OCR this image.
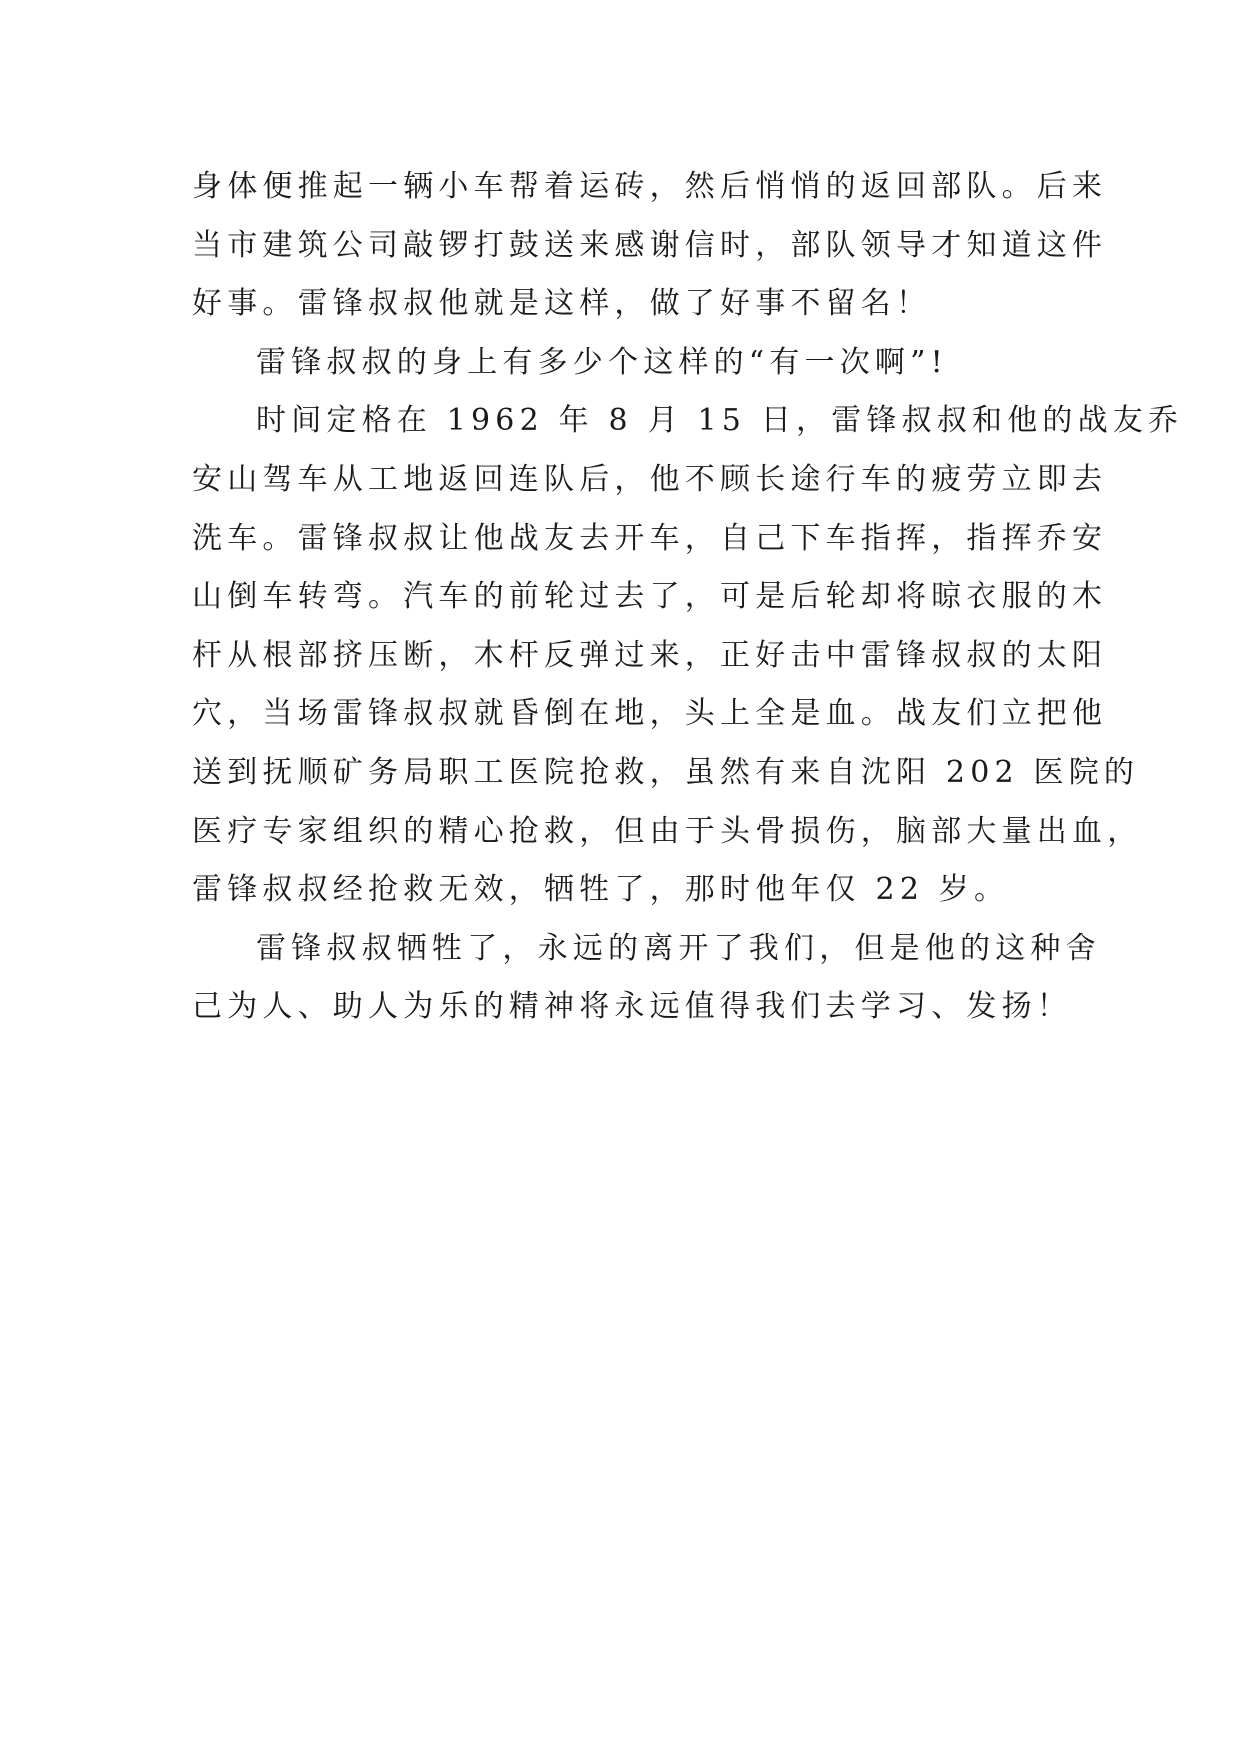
身体便推起一辆小车帮着运砖，然后悄悄的返回部队。后来
当市建筑公司敲锣打鼓送来感谢信时，部队领导才知道这件
好事。雷锋叔叔他就是这样，做了好事不留名！
雷锋叔叔的身上有多少个这样的“有一次啊”!
时间定格在 1962 年 8 月 15 日，雷锋叔叔和他的战友乔
安山驾车从工地返回连队后，他不顾长途行车的疲劳立即去
洗车。雷锋叔叔让他战友去开车，自己下车指挥，指挥乔安
山倒车转弯。汽车的前轮过去了，可是后轮却将晾衣服的木
杆从根部挤压断，木杆反弹过来，正好击中雷锋叔叔的太阳
穴，当场雷锋叔叔就昏倒在地，头上全是血。战友们立把他
送到抚顺矿务局职工医院抢救，虽然有来自沈阳 202 医院的
医疗专家组织的精心抢救，但由于头骨损伤，脑部大量出血，
雷锋叔叔经抢救无效，牺牲了，那时他年仅 22 岁。
雷锋叔叔牺牲了，永远的离开了我们，但是他的这种舍
己为人、助人为乐的精神将永远值得我们去学习、发扬！
